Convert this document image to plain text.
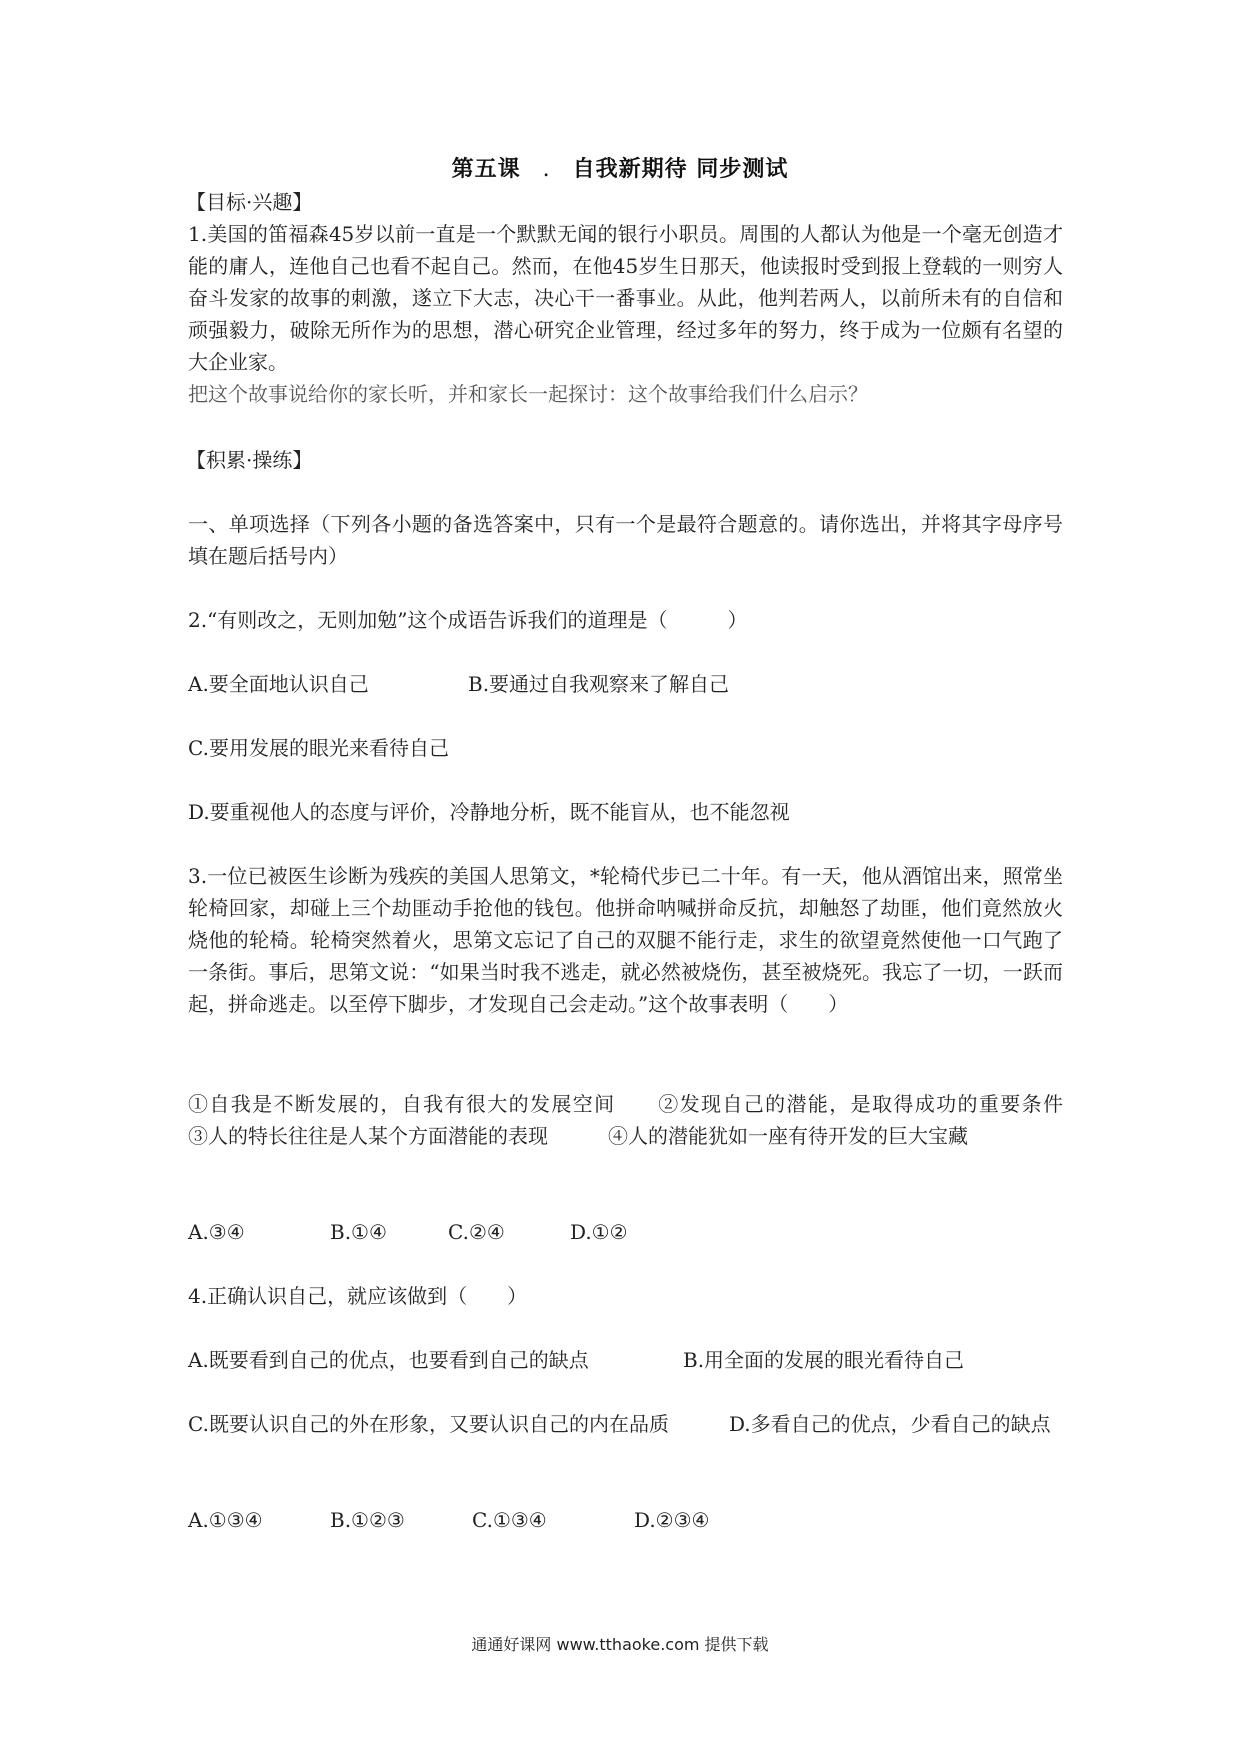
第五课 . 自我新期待 同步测试
【目标·兴趣】
1.美国的笛福森45岁以前一直是一个默默无闻的银行小职员。周围的人都认为他是一个毫无创造才能的庸人，连他自己也看不起自己。然而，在他45岁生日那天，他读报时受到报上登载的一则穷人奋斗发家的故事的刺激，遂立下大志，决心干一番事业。从此，他判若两人，以前所未有的自信和顽强毅力，破除无所作为的思想，潜心研究企业管理，经过多年的努力，终于成为一位颇有名望的大企业家。
把这个故事说给你的家长听，并和家长一起探讨：这个故事给我们什么启示？
【积累·操练】
一、单项选择（下列各小题的备选答案中，只有一个是最符合题意的。请你选出，并将其字母序号填在题后括号内）
2.“有则改之，无则加勉”这个成语告诉我们的道理是（　　　）
A.要全面地认识自己	B.要通过自我观察来了解自己
C.要用发展的眼光来看待自己
D.要重视他人的态度与评价，冷静地分析，既不能盲从，也不能忽视
3.一位已被医生诊断为残疾的美国人思第文，*轮椅代步已二十年。有一天，他从酒馆出来，照常坐轮椅回家，却碰上三个劫匪动手抢他的钱包。他拼命呐喊拼命反抗，却触怒了劫匪，他们竟然放火烧他的轮椅。轮椅突然着火，思第文忘记了自己的双腿不能行走，求生的欲望竟然使他一口气跑了一条街。事后，思第文说：“如果当时我不逃走，就必然被烧伤，甚至被烧死。我忘了一切，一跃而起，拼命逃走。以至停下脚步，才发现自己会走动。”这个故事表明（　　）
①自我是不断发展的，自我有很大的发展空间　　②发现自己的潜能，是取得成功的重要条件　　③人的特长往往是人某个方面潜能的表现　　　④人的潜能犹如一座有待开发的巨大宝藏
A.③④	B.①④	C.②④	D.①②
4.正确认识自己，就应该做到（　　）
A.既要看到自己的优点，也要看到自己的缺点	B.用全面的发展的眼光看待自己
C.既要认识自己的外在形象，又要认识自己的内在品质　　　D.多看自己的优点，少看自己的缺点
A.①③④	B.①②③	C.①③④	D.②③④
通通好课网 www.tthaoke.com 提供下载
